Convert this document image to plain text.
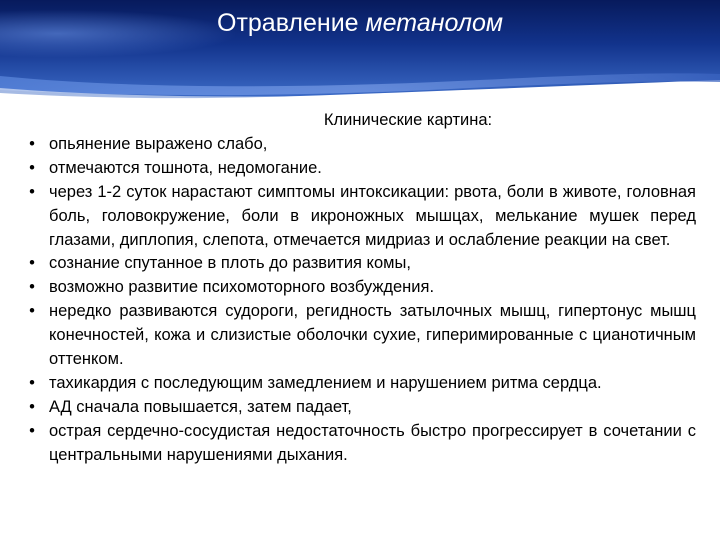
Отравление метанолом
Клинические картина:
• опьянение выражено слабо,
• отмечаются тошнота, недомогание.
• через 1-2 суток нарастают симптомы интоксикации: рвота, боли в животе, головная боль, головокружение, боли в икроножных мышцах, мелькание мушек перед глазами, диплопия, слепота, отмечается мидриаз и ослабление реакции на свет.
• сознание спутанное в плоть до развития комы,
• возможно развитие психомоторного возбуждения.
• нередко развиваются судороги, регидность затылочных мышц, гипертонус мышц конечностей, кожа и слизистые оболочки сухие, гиперимированные с цианотичным оттенком.
• тахикардия с последующим замедлением и нарушением ритма сердца.
• АД сначала повышается, затем падает,
• острая сердечно-сосудистая недостаточность быстро прогрессирует в сочетании с центральными нарушениями дыхания.
